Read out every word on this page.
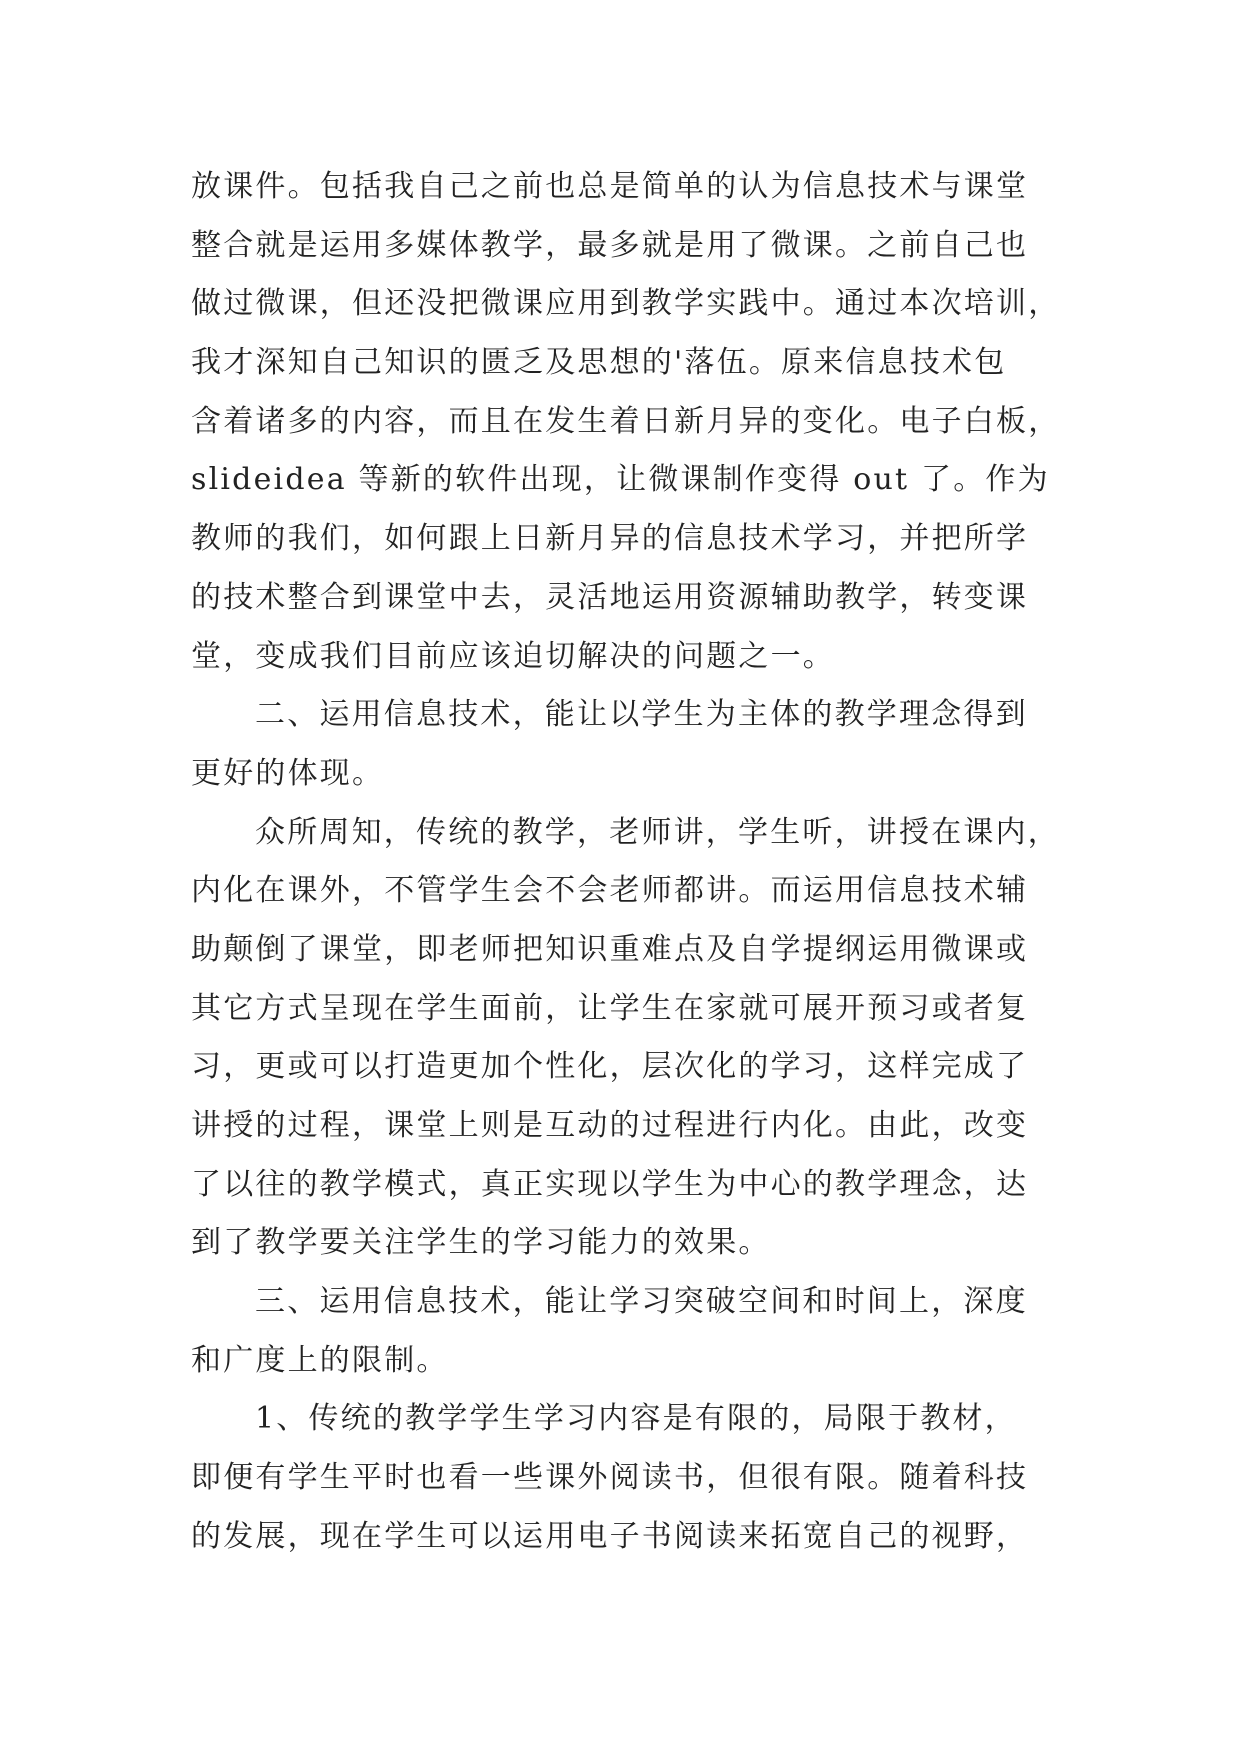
放课件。包括我自己之前也总是简单的认为信息技术与课堂
整合就是运用多媒体教学，最多就是用了微课。之前自己也
做过微课，但还没把微课应用到教学实践中。通过本次培训，
我才深知自己知识的匮乏及思想的'落伍。原来信息技术包
含着诸多的内容，而且在发生着日新月异的变化。电子白板，
slideidea 等新的软件出现，让微课制作变得 out 了。作为
教师的我们，如何跟上日新月异的信息技术学习，并把所学
的技术整合到课堂中去，灵活地运用资源辅助教学，转变课
堂，变成我们目前应该迫切解决的问题之一。
二、运用信息技术，能让以学生为主体的教学理念得到
更好的体现。
众所周知，传统的教学，老师讲，学生听，讲授在课内，
内化在课外，不管学生会不会老师都讲。而运用信息技术辅
助颠倒了课堂，即老师把知识重难点及自学提纲运用微课或
其它方式呈现在学生面前，让学生在家就可展开预习或者复
习，更或可以打造更加个性化，层次化的学习，这样完成了
讲授的过程，课堂上则是互动的过程进行内化。由此，改变
了以往的教学模式，真正实现以学生为中心的教学理念，达
到了教学要关注学生的学习能力的效果。
三、运用信息技术，能让学习突破空间和时间上，深度
和广度上的限制。
1、传统的教学学生学习内容是有限的，局限于教材，
即便有学生平时也看一些课外阅读书，但很有限。随着科技
的发展，现在学生可以运用电子书阅读来拓宽自己的视野，
